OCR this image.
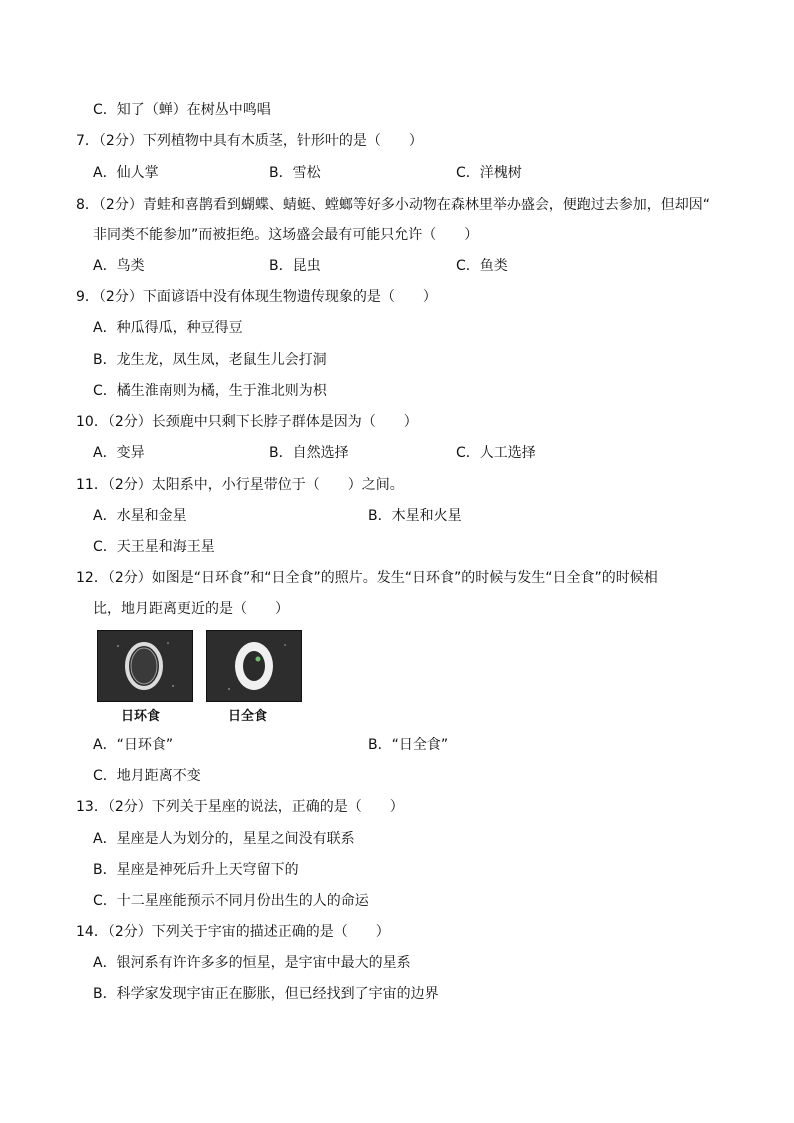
C．知了（蝉）在树丛中鸣唱
7．（2分）下列植物中具有木质茎，针形叶的是（　　）
A．仙人掌	B．雪松	C．洋槐树
8．（2分）青蛙和喜鹊看到蝴蝶、蜻蜓、螳螂等好多小动物在森林里举办盛会，便跑过去参加，但却因“
非同类不能参加”而被拒绝。这场盛会最有可能只允许（　　）
A．鸟类	B．昆虫	C．鱼类
9．（2分）下面谚语中没有体现生物遗传现象的是（　　）
A．种瓜得瓜，种豆得豆
B．龙生龙，凤生凤，老鼠生儿会打洞
C．橘生淮南则为橘，生于淮北则为枳
10．（2分）长颈鹿中只剩下长脖子群体是因为（　　）
A．变异	B．自然选择	C．人工选择
11．（2分）太阳系中，小行星带位于（　　）之间。
A．水星和金星	B．木星和火星
C．天王星和海王星
12．（2分）如图是“日环食”和“日全食”的照片。发生“日环食”的时候与发生“日全食”的时候相
比，地月距离更近的是（　　）
日环食	日全食
A．“日环食”	B．“日全食”
C．地月距离不变
13．（2分）下列关于星座的说法，正确的是（　　）
A．星座是人为划分的，星星之间没有联系
B．星座是神死后升上天穹留下的
C．十二星座能预示不同月份出生的人的命运
14．（2分）下列关于宇宙的描述正确的是（　　）
A．银河系有许许多多的恒星，是宇宙中最大的星系
B．科学家发现宇宙正在膨胀，但已经找到了宇宙的边界
